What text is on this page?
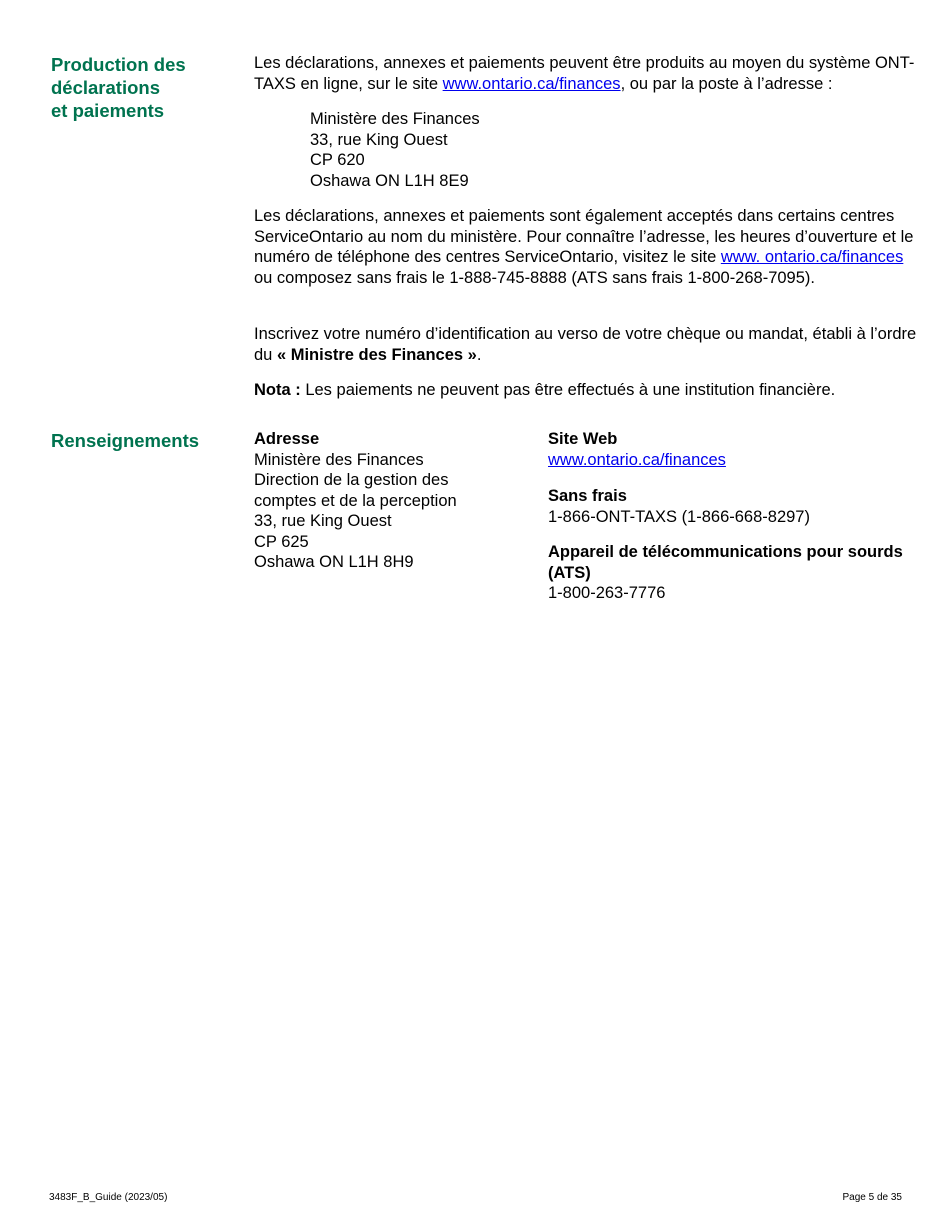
Production des
déclarations
et paiements

Les déclarations, annexes et paiements peuvent être produits au moyen du système ONT-TAXS en ligne, sur le site www.ontario.ca/finances, ou par la poste à l’adresse :

Ministère des Finances
33, rue King Ouest
CP 620
Oshawa ON L1H 8E9

Les déclarations, annexes et paiements sont également acceptés dans certains centres ServiceOntario au nom du ministère. Pour connaître l’adresse, les heures d’ouverture et le numéro de téléphone des centres ServiceOntario, visitez le site www. ontario.ca/finances ou composez sans frais le 1-888-745-8888 (ATS sans frais 1-800-268-7095).

Inscrivez votre numéro d’identification au verso de votre chèque ou mandat, établi à l’ordre du « Ministre des Finances ».

Nota : Les paiements ne peuvent pas être effectués à une institution financière.

Renseignements	Adresse
Ministère des Finances
Direction de la gestion des
comptes et de la perception
33, rue King Ouest
CP 625
Oshawa ON L1H 8H9
Site Web
www.ontario.ca/finances
Sans frais
1-866-ONT-TAXS (1-866-668-8297)
Appareil de télécommunications pour sourds
(ATS)
1-800-263-7776
3483F_B_Guide (2023/05)	Page 5 de 35
